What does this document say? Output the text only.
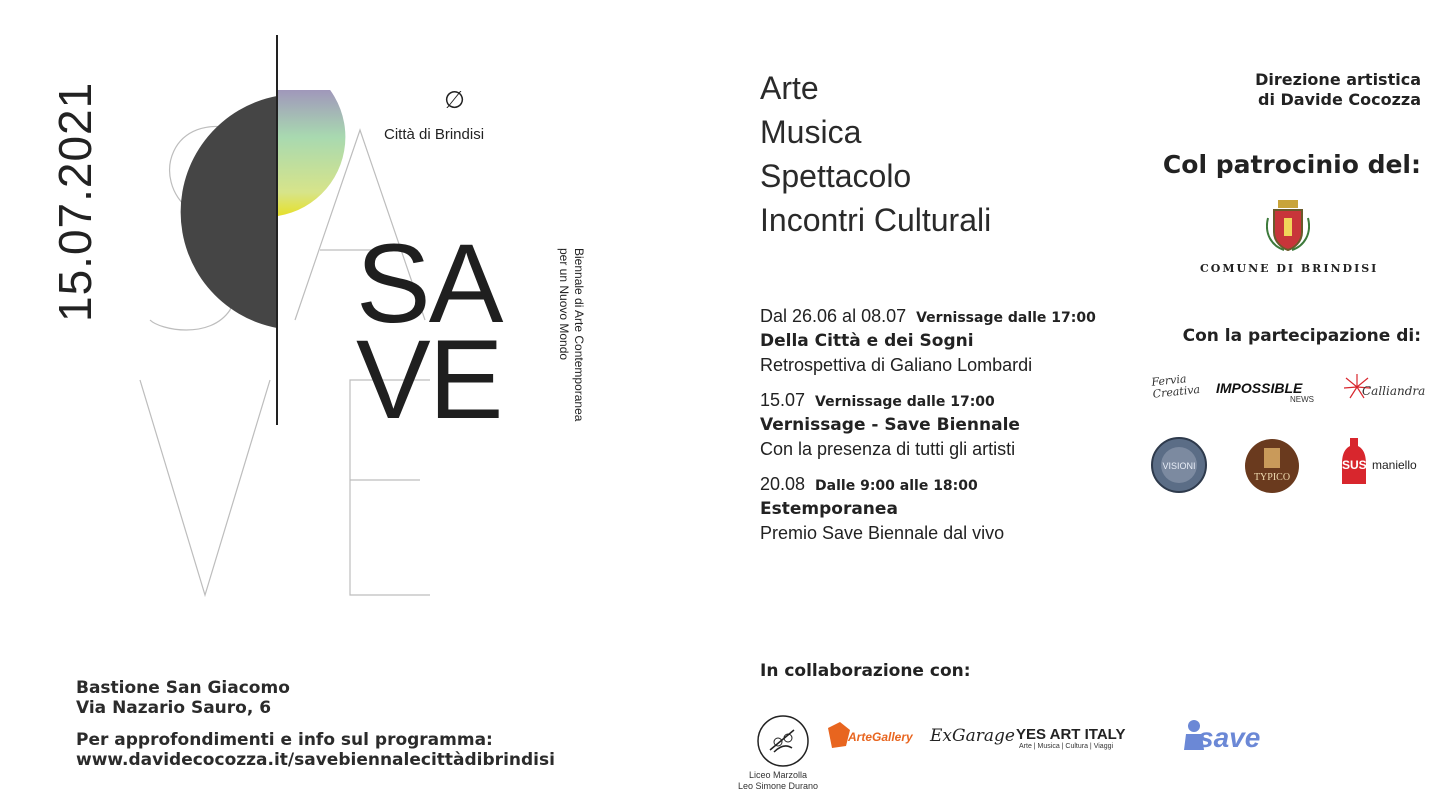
15.07.2021	∅
Città di Brindisi
SA
VE	Biennale di Arte Contemporanea
per un Nuovo Mondo
Bastione San Giacomo
Via Nazario Sauro, 6
Per approfondimenti e info sul programma:
www.davidecocozza.it/savebiennalecittàdibrindisi
Arte
Musica
Spettacolo
Incontri Culturali
Dal 26.06 al 08.07 Vernissage dalle 17:00
Della Città e dei Sogni
Retrospettiva di Galiano Lombardi
15.07 Vernissage dalle 17:00
Vernissage - Save Biennale
Con la presenza di tutti gli artisti
20.08 Dalle 9:00 alle 18:00
Estemporanea
Premio Save Biennale dal vivo
Direzione artistica
di Davide Cocozza
Col patrocinio del:
COMUNE DI BRINDISI
Con la partecipazione di:
Fervia Creativa	IMPOSSIBLE
NEWS
Calliandra
VISIONI
TYPICO
SUSU
maniello
In collaborazione con:
Liceo Marzolla
Leo Simone Durano
ArteGallery ExGarage YES ART ITALY
Arte | Musica | Cultura | Viaggi	save
